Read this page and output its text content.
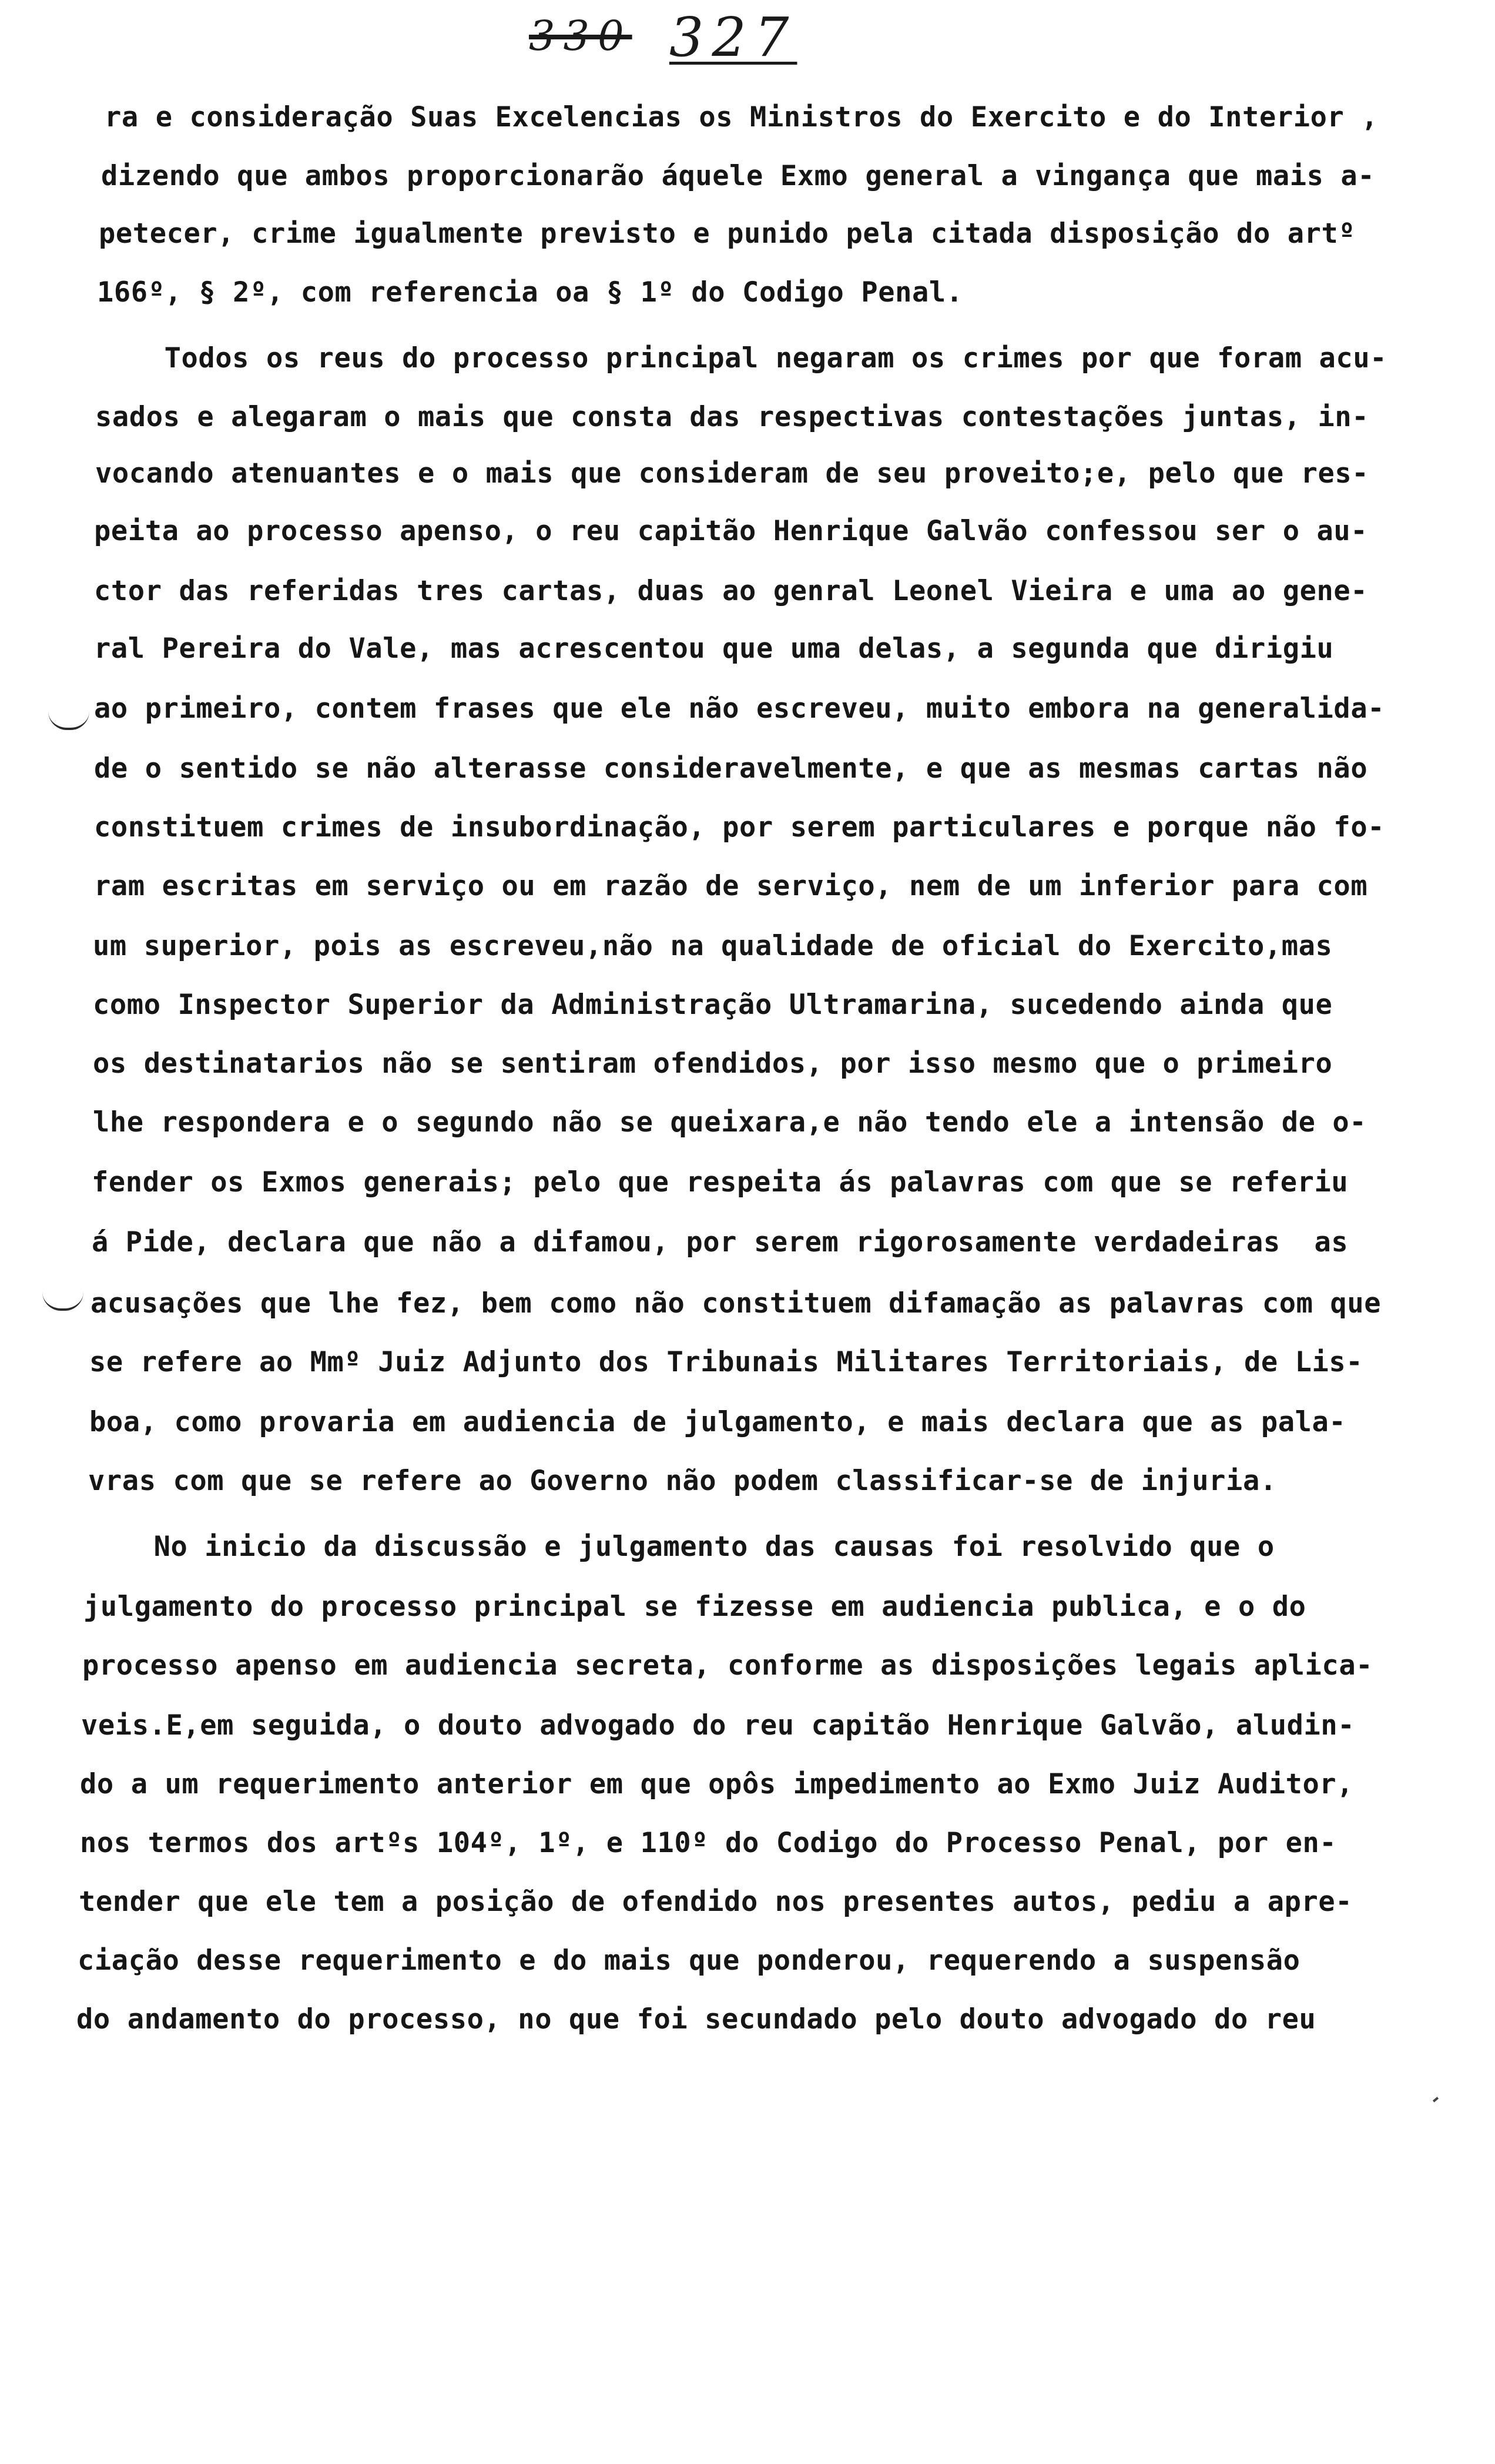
330 327
ra e consideração Suas Excelencias os Ministros do Exercito e do Interior ,
dizendo que ambos proporcionarão áquele Exmo general a vingança que mais a-
petecer, crime igualmente previsto e punido pela citada disposição do artº
166º, § 2º, com referencia oa § 1º do Codigo Penal.
Todos os reus do processo principal negaram os crimes por que foram acu-
sados e alegaram o mais que consta das respectivas contestações juntas, in-
vocando atenuantes e o mais que consideram de seu proveito;e, pelo que res-
peita ao processo apenso, o reu capitão Henrique Galvão confessou ser o au-
ctor das referidas tres cartas, duas ao genral Leonel Vieira e uma ao gene-
ral Pereira do Vale, mas acrescentou que uma delas, a segunda que dirigiu
ao primeiro, contem frases que ele não escreveu, muito embora na generalida-
de o sentido se não alterasse consideravelmente, e que as mesmas cartas não
constituem crimes de insubordinação, por serem particulares e porque não fo-
ram escritas em serviço ou em razão de serviço, nem de um inferior para com
um superior, pois as escreveu,não na qualidade de oficial do Exercito,mas
como Inspector Superior da Administração Ultramarina, sucedendo ainda que
os destinatarios não se sentiram ofendidos, por isso mesmo que o primeiro
lhe respondera e o segundo não se queixara,e não tendo ele a intensão de o-
fender os Exmos generais; pelo que respeita ás palavras com que se referiu
á Pide, declara que não a difamou, por serem rigorosamente verdadeiras  as
acusações que lhe fez, bem como não constituem difamação as palavras com que
se refere ao Mmº Juiz Adjunto dos Tribunais Militares Territoriais, de Lis-
boa, como provaria em audiencia de julgamento, e mais declara que as pala-
vras com que se refere ao Governo não podem classificar-se de injuria.
No inicio da discussão e julgamento das causas foi resolvido que o
julgamento do processo principal se fizesse em audiencia publica, e o do
processo apenso em audiencia secreta, conforme as disposições legais aplica-
veis.E,em seguida, o douto advogado do reu capitão Henrique Galvão, aludin-
do a um requerimento anterior em que opôs impedimento ao Exmo Juiz Auditor,
nos termos dos artºs 104º, 1º, e 110º do Codigo do Processo Penal, por en-
tender que ele tem a posição de ofendido nos presentes autos, pediu a apre-
ciação desse requerimento e do mais que ponderou, requerendo a suspensão
do andamento do processo, no que foi secundado pelo douto advogado do reu
